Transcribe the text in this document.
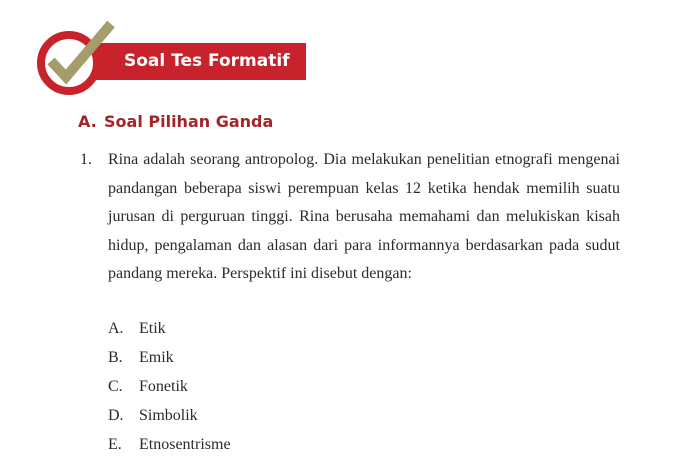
Soal Tes Formatif
A. Soal Pilihan Ganda
1. Rina adalah seorang antropolog. Dia melakukan penelitian etnografi mengenai pandangan beberapa siswi perempuan kelas 12 ketika hendak memilih suatu jurusan di perguruan tinggi. Rina berusaha memahami dan melukiskan kisah hidup, pengalaman dan alasan dari para informannya berdasarkan pada sudut pandang mereka. Perspektif ini disebut dengan:

A. Etik
B. Emik
C. Fonetik
D. Simbolik
E. Etnosentrisme
